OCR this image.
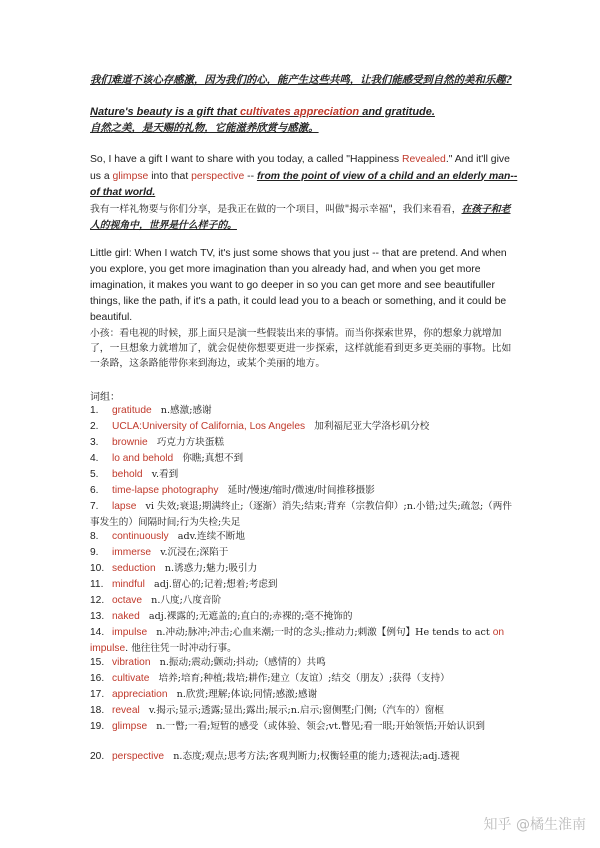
我们难道不该心存感激，因为我们的心，能产生这些共鸣，让我们能感受到自然的美和乐趣?

Nature's beauty is a gift that cultivates appreciation and gratitude.

自然之美，是天赐的礼物，它能滋养欣赏与感激。

So, I have a gift I want to share with you today, a called "Happiness Revealed." And it'll give us a glimpse into that perspective -- from the point of view of a child and an elderly man--of that world.

我有一样礼物要与你们分享，是我正在做的一个项目，叫做"揭示幸福"，我们来看看，在孩子和老人的视角中，世界是什么样子的。

Little girl: When I watch TV, it's just some shows that you just -- that are pretend. And when you explore, you get more imagination than you already had, and when you get more imagination, it makes you want to go deeper in so you can get more and see beautifuller things, like the path, if it's a path, it could lead you to a beach or something, and it could be beautiful.

小孩：看电视的时候，那上面只是演一些假装出来的事情。而当你探索世界，你的想象力就增加了，一旦想象力就增加了，就会促使你想要更进一步探索，这样就能看到更多更美丽的事物。比如一条路，这条路能带你来到海边，或某个美丽的地方。

词组：
1. gratitude   n.感激;感谢
2. UCLA:University of California, Los Angeles   加利福尼亚大学洛杉矶分校
3. brownie   巧克力方块蛋糕
4. lo and behold   你瞧;真想不到
5. behold   v.看到
6. time-lapse photography   延时/慢速/缩时/微速/时间推移摄影
7. lapse   vi 失效;衰退;期满终止;（逐渐）消失;结束;背弃（宗教信仰）;n.小错;过失;疏忽;（两件事发生的）间隔时间;行为失检;失足
8. continuously   adv.连续不断地
9. immerse   v.沉浸在;深陷于
10. seduction   n.诱惑力;魅力;吸引力
11. mindful   adj.留心的;记着;想着;考虑到
12. octave   n.八度;八度音阶
13. naked   adj.裸露的;无遮盖的;直白的;赤裸的;毫不掩饰的
14. impulse   n.冲动;脉冲;冲击;心血来潮;一时的念头;推动力;刺激【例句】He tends to act on impulse. 他往往凭一时冲动行事。
15. vibration   n.振动;震动;颤动;抖动;（感情的）共鸣
16. cultivate   培养;培育;种植;栽培;耕作;建立（友谊）;结交（朋友）;获得（支持）
17. appreciation   n.欣赏;理解;体谅;同情;感激;感谢
18. reveal   v.揭示;显示;透露;显出;露出;展示;n.启示;窗侧墅;门侧;（汽车的）窗框
19. glimpse   n.一瞥;一看;短暂的感受（或体验、领会;vt.瞥见;看一眼;开始领悟;开始认识到
20. perspective   n.态度;观点;思考方法;客观判断力;权衡轻重的能力;透视法;adj.透视
知乎 @橘生淮南
